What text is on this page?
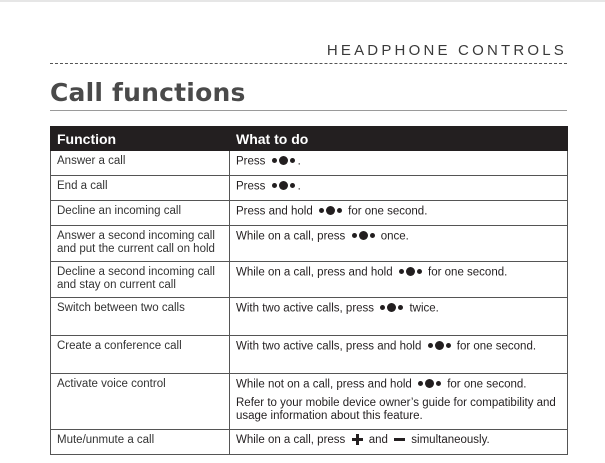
HEADPHONE CONTROLS
Call functions
Function	What to do
Answer a call	Press .
End a call	Press .
Decline an incoming call	Press and hold for one second.
Answer a second incoming call and put the current call on hold	While on a call, press once.
Decline a second incoming call and stay on current call	While on a call, press and hold for one second.
Switch between two calls	With two active calls, press twice.
Create a conference call	With two active calls, press and hold for one second.
Activate voice control	While not on a call, press and hold for one second.
Refer to your mobile device owner’s guide for compatibility and usage information about this feature.

Mute/unmute a call	While on a call, press and simultaneously.
